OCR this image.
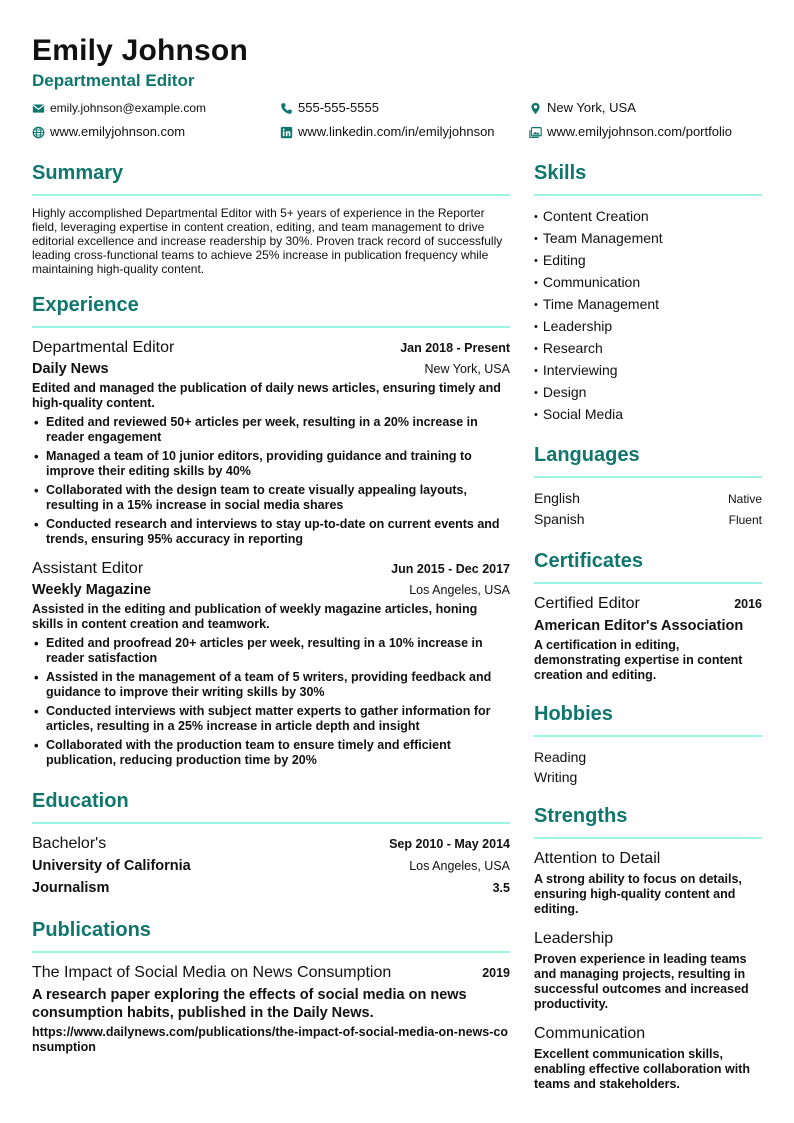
Emily Johnson
Departmental Editor
emily.johnson@example.com	555-555-5555	New York, USA
www.emilyjohnson.com	www.linkedin.com/in/emilyjohnson	www.emilyjohnson.com/portfolio
Summary

Highly accomplished Departmental Editor with 5+ years of experience in the Reporter field, leveraging expertise in content creation, editing, and team management to drive editorial excellence and increase readership by 30%. Proven track record of successfully leading cross-functional teams to achieve 25% increase in publication frequency while maintaining high-quality content.

Experience
Departmental Editor	Jan 2018 - Present
Daily News	New York, USA

Edited and managed the publication of daily news articles, ensuring timely and high-quality content.

• Edited and reviewed 50+ articles per week, resulting in a 20% increase in reader engagement
• Managed a team of 10 junior editors, providing guidance and training to improve their editing skills by 40%
• Collaborated with the design team to create visually appealing layouts, resulting in a 15% increase in social media shares
• Conducted research and interviews to stay up-to-date on current events and trends, ensuring 95% accuracy in reporting
Assistant Editor	Jun 2015 - Dec 2017
Weekly Magazine	Los Angeles, USA

Assisted in the editing and publication of weekly magazine articles, honing skills in content creation and teamwork.

• Edited and proofread 20+ articles per week, resulting in a 10% increase in reader satisfaction
• Assisted in the management of a team of 5 writers, providing feedback and guidance to improve their writing skills by 30%
• Conducted interviews with subject matter experts to gather information for articles, resulting in a 25% increase in article depth and insight
• Collaborated with the production team to ensure timely and efficient publication, reducing production time by 20%
Education
Bachelor's	Sep 2010 - May 2014
University of California	Los Angeles, USA
Journalism	3.5
Publications
The Impact of Social Media on News Consumption	2019

A research paper exploring the effects of social media on news consumption habits, published in the Daily News.

https://www.dailynews.com/publications/the-impact-of-social-media-on-news-consumption

Skills
• Content Creation
• Team Management
• Editing
• Communication
• Time Management
• Leadership
• Research
• Interviewing
• Design
• Social Media
Languages
English	Native
Spanish	Fluent
Certificates
Certified Editor	2016
American Editor's Association

A certification in editing, demonstrating expertise in content creation and editing.

Hobbies
Reading
Writing
Strengths
Attention to Detail

A strong ability to focus on details, ensuring high-quality content and editing.

Leadership

Proven experience in leading teams and managing projects, resulting in successful outcomes and increased productivity.

Communication

Excellent communication skills, enabling effective collaboration with teams and stakeholders.
